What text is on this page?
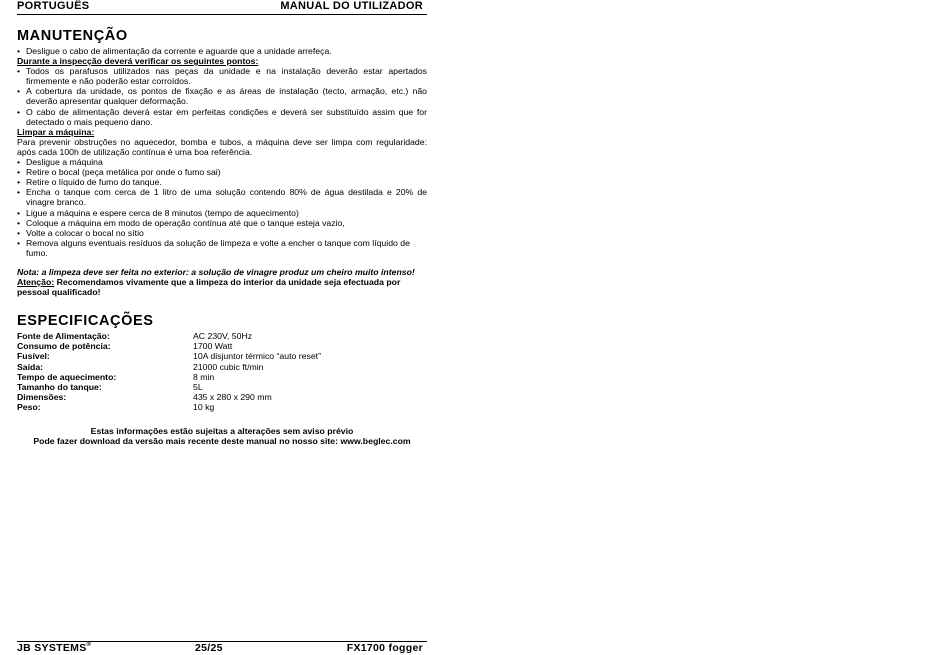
PORTUGUÊS	MANUAL DO UTILIZADOR
MANUTENÇÃO
• Desligue o cabo de alimentação da corrente e aguarde que a unidade arrefeça.
Durante a inspecção deverá verificar os seguintes pontos:
• Todos os parafusos utilizados nas peças da unidade e na instalação deverão estar apertados firmemente e não poderão estar corroídos.
• A cobertura da unidade, os pontos de fixação e as áreas de instalação (tecto, armação, etc.) não deverão apresentar qualquer deformação.
• O cabo de alimentação deverá estar em perfeitas condições e deverá ser substituído assim que for detectado o mais pequeno dano.
Limpar a máquina:
Para prevenir obstruções no aquecedor, bomba e tubos, a máquina deve ser limpa com regularidade: após cada 100h de utilização contínua é uma boa referência.
• Desligue a máquina
• Retire o bocal (peça metálica por onde o fumo sai)
• Retire o líquido de fumo do tanque.
• Encha o tanque com cerca de 1 litro de uma solução contendo 80% de água destilada e 20% de vinagre branco.
• Ligue a máquina e espere cerca de 8 minutos (tempo de aquecimento)
• Coloque a máquina em modo de operação contínua até que o tanque esteja vazio,
• Volte a colocar o bocal no sítio
• Remova alguns eventuais resíduos da solução de limpeza e volte a encher o tanque com líquido de fumo.
Nota: a limpeza deve ser feita no exterior: a solução de vinagre produz um cheiro muito intenso!
Atenção: Recomendamos vivamente que a limpeza do interior da unidade seja efectuada por pessoal qualificado!
ESPECIFICAÇÕES
Fonte de Alimentação:	AC 230V, 50Hz
Consumo de potência:	1700 Watt
Fusível:	10A disjuntor térmico “auto reset”
Saída:	21000 cubic ft/min
Tempo de aquecimento:	8 min
Tamanho do tanque:	5L
Dimensões:	435 x 280 x 290 mm
Peso:	10 kg
Estas informações estão sujeitas a alterações sem aviso prévio
Pode fazer download da versão mais recente deste manual no nosso site: www.beglec.com
JB SYSTEMS®	25/25	FX1700 fogger
